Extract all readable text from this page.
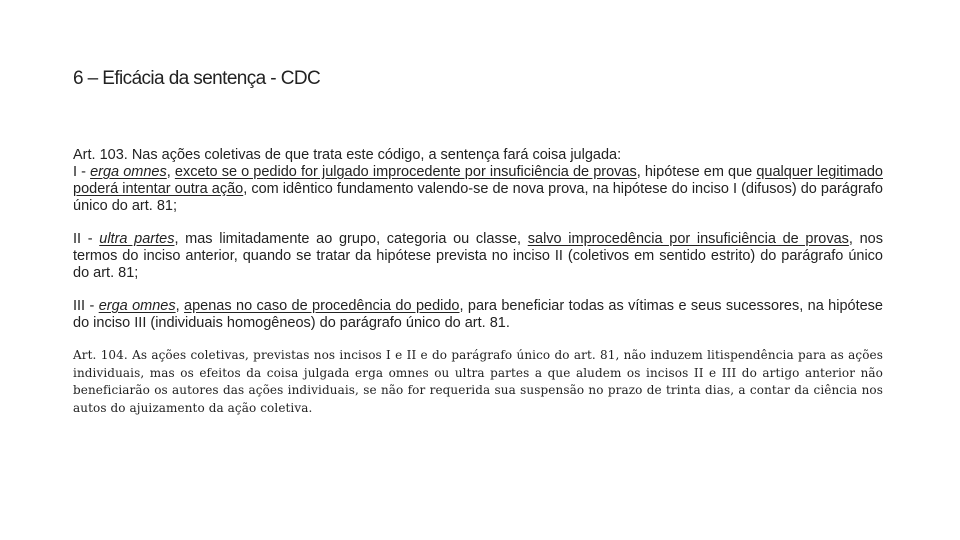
6 – Eficácia da sentença - CDC

Art. 103. Nas ações coletivas de que trata este código, a sentença fará coisa julgada:
I - erga omnes, exceto se o pedido for julgado improcedente por insuficiência de provas, hipótese em que qualquer legitimado poderá intentar outra ação, com idêntico fundamento valendo-se de nova prova, na hipótese do inciso I (difusos) do parágrafo único do art. 81;

II - ultra partes, mas limitadamente ao grupo, categoria ou classe, salvo improcedência por insuficiência de provas, nos termos do inciso anterior, quando se tratar da hipótese prevista no inciso II (coletivos em sentido estrito) do parágrafo único do art. 81;

III - erga omnes, apenas no caso de procedência do pedido, para beneficiar todas as vítimas e seus sucessores, na hipótese do inciso III (individuais homogêneos) do parágrafo único do art. 81.

Art. 104. As ações coletivas, previstas nos incisos I e II e do parágrafo único do art. 81, não induzem litispendência para as ações individuais, mas os efeitos da coisa julgada erga omnes ou ultra partes a que aludem os incisos II e III do artigo anterior não beneficiarão os autores das ações individuais, se não for requerida sua suspensão no prazo de trinta dias, a contar da ciência nos autos do ajuizamento da ação coletiva.
